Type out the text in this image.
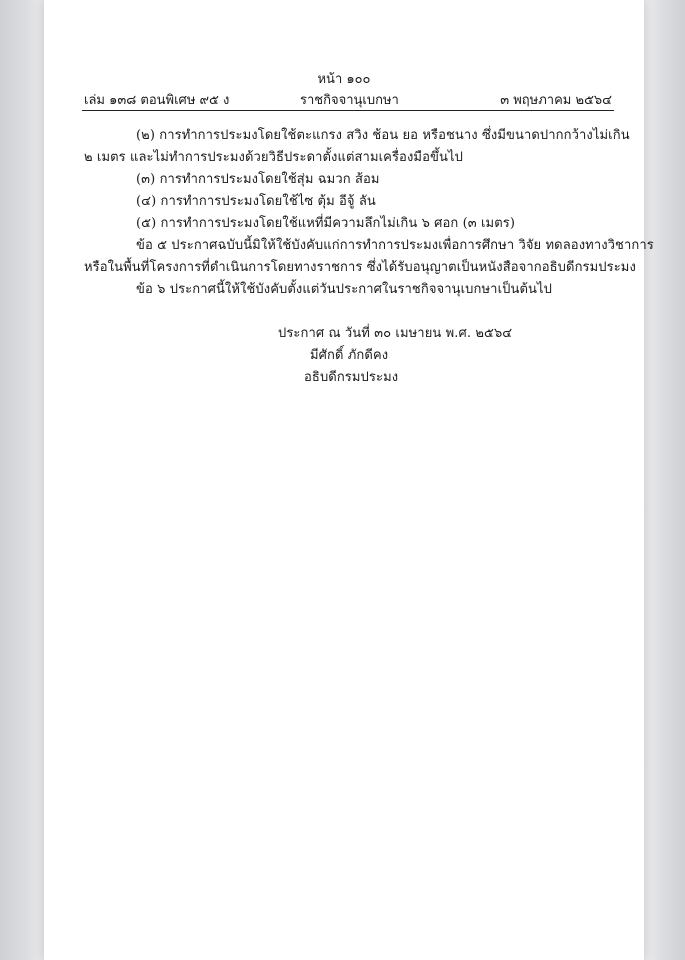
หน้า ๑๐๐
เล่ม ๑๓๘ ตอนพิเศษ ๙๕ ง	ราชกิจจานุเบกษา	๓ พฤษภาคม ๒๕๖๔
(๒) การทำการประมงโดยใช้ตะแกรง สวิง ช้อน ยอ หรือชนาง ซึ่งมีขนาดปากกว้างไม่เกิน
๒ เมตร และไม่ทำการประมงด้วยวิธีประดาตั้งแต่สามเครื่องมือขึ้นไป
(๓) การทำการประมงโดยใช้สุ่ม ฉมวก ส้อม
(๔) การทำการประมงโดยใช้ไซ ตุ้ม อีจู้ ลัน
(๕) การทำการประมงโดยใช้แหที่มีความลึกไม่เกิน ๖ ศอก (๓ เมตร)
ข้อ ๕ ประกาศฉบับนี้มิให้ใช้บังคับแก่การทำการประมงเพื่อการศึกษา วิจัย ทดลองทางวิชาการ
หรือในพื้นที่โครงการที่ดำเนินการโดยทางราชการ ซึ่งได้รับอนุญาตเป็นหนังสือจากอธิบดีกรมประมง
ข้อ ๖ ประกาศนี้ให้ใช้บังคับตั้งแต่วันประกาศในราชกิจจานุเบกษาเป็นต้นไป
ประกาศ ณ วันที่ ๓๐ เมษายน พ.ศ. ๒๕๖๔
มีศักดิ์ ภักดีคง
อธิบดีกรมประมง
